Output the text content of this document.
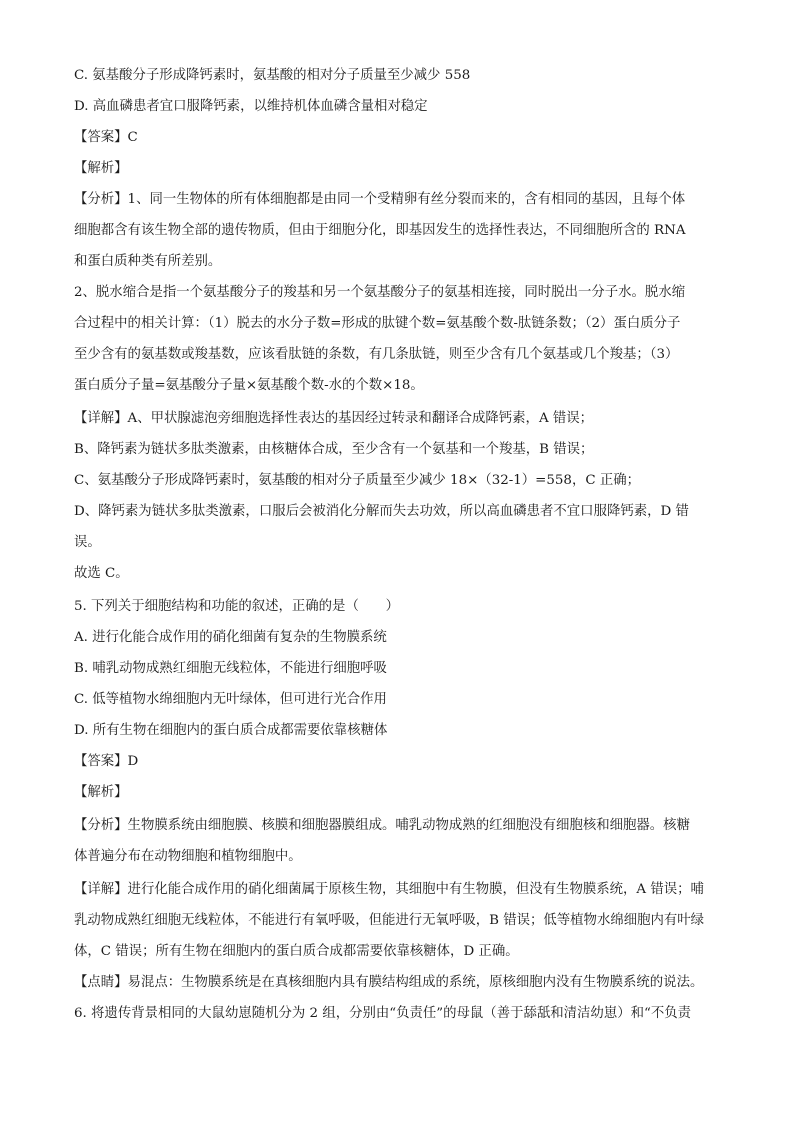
C. 氨基酸分子形成降钙素时，氨基酸的相对分子质量至少减少 558
D. 高血磷患者宜口服降钙素，以维持机体血磷含量相对稳定
【答案】C
【解析】
【分析】1、同一生物体的所有体细胞都是由同一个受精卵有丝分裂而来的，含有相同的基因，且每个体
细胞都含有该生物全部的遗传物质，但由于细胞分化，即基因发生的选择性表达，不同细胞所含的 RNA
和蛋白质种类有所差别。
2、脱水缩合是指一个氨基酸分子的羧基和另一个氨基酸分子的氨基相连接，同时脱出一分子水。脱水缩
合过程中的相关计算：（1）脱去的水分子数=形成的肽键个数=氨基酸个数-肽链条数；（2）蛋白质分子
至少含有的氨基数或羧基数，应该看肽链的条数，有几条肽链，则至少含有几个氨基或几个羧基；（3）
蛋白质分子量=氨基酸分子量×氨基酸个数-水的个数×18。
【详解】A、甲状腺滤泡旁细胞选择性表达的基因经过转录和翻译合成降钙素，A 错误；
B、降钙素为链状多肽类激素，由核糖体合成，至少含有一个氨基和一个羧基，B 错误；
C、氨基酸分子形成降钙素时，氨基酸的相对分子质量至少减少 18×（32-1）=558，C 正确；
D、降钙素为链状多肽类激素，口服后会被消化分解而失去功效，所以高血磷患者不宜口服降钙素，D 错
误。
故选 C。
5. 下列关于细胞结构和功能的叙述，正确的是（　　）
A. 进行化能合成作用的硝化细菌有复杂的生物膜系统
B. 哺乳动物成熟红细胞无线粒体，不能进行细胞呼吸
C. 低等植物水绵细胞内无叶绿体，但可进行光合作用
D. 所有生物在细胞内的蛋白质合成都需要依靠核糖体
【答案】D
【解析】
【分析】生物膜系统由细胞膜、核膜和细胞器膜组成。哺乳动物成熟的红细胞没有细胞核和细胞器。核糖
体普遍分布在动物细胞和植物细胞中。
【详解】进行化能合成作用的硝化细菌属于原核生物，其细胞中有生物膜，但没有生物膜系统，A 错误；哺
乳动物成熟红细胞无线粒体，不能进行有氧呼吸，但能进行无氧呼吸，B 错误；低等植物水绵细胞内有叶绿
体，C 错误；所有生物在细胞内的蛋白质合成都需要依靠核糖体，D 正确。
【点睛】易混点：生物膜系统是在真核细胞内具有膜结构组成的系统，原核细胞内没有生物膜系统的说法。
6. 将遗传背景相同的大鼠幼崽随机分为 2 组，分别由“负责任”的母鼠（善于舔舐和清洁幼崽）和“不负责
